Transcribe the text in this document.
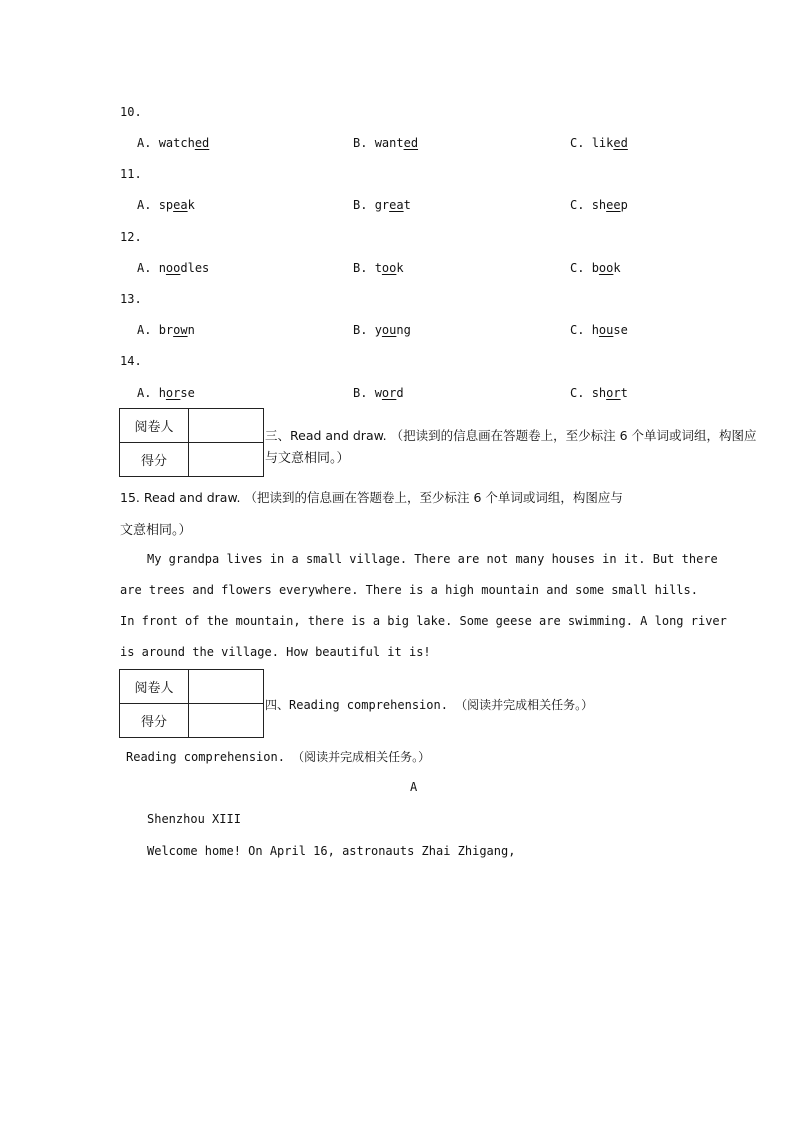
10.
A. watched	B. wanted	C. liked
11.
A. speak	B. great	C. sheep
12.
A. noodles	B. took	C. book
13.
A. brown	B. young	C. house
14.
A. horse	B. word	C. short
阅卷人	
得分	
三、Read and draw. （把读到的信息画在答题卷上，至少标注 6 个单词或词组，构图应
与文意相同。）
15. Read and draw. （把读到的信息画在答题卷上，至少标注 6 个单词或词组，构图应与
文意相同。）
My grandpa lives in a small village. There are not many houses in it. But there
are trees and flowers everywhere. There is a high mountain and some small hills.
In front of the mountain, there is a big lake. Some geese are swimming. A long river
is around the village. How beautiful it is!
阅卷人	
得分	
四、Reading comprehension. （阅读并完成相关任务。）
Reading comprehension. （阅读并完成相关任务。）
A
Shenzhou XIII
Welcome home! On April 16, astronauts Zhai Zhigang,
